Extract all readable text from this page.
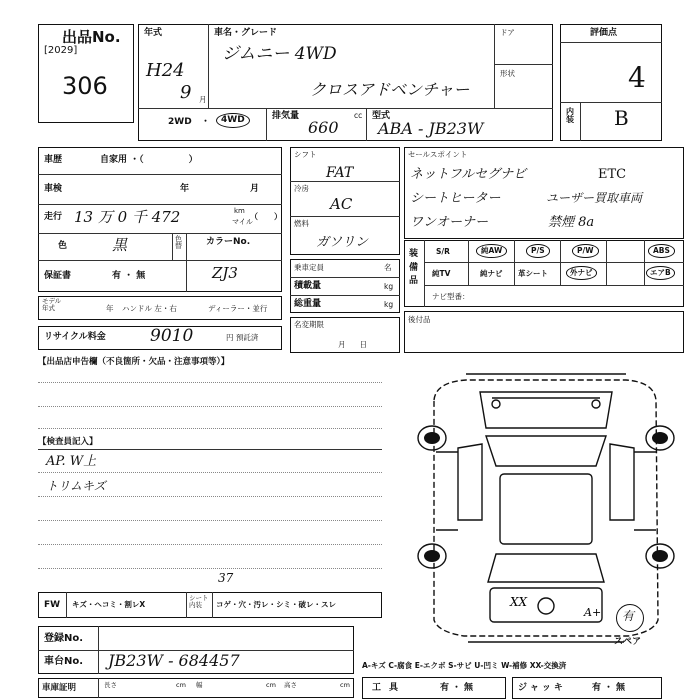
出品No.
[2029]
306
年式
H24
9 月
車名・グレード
ジムニー 4WD
クロスアドベンチャー
ドア
形状
2WD ・	4WD	排気量
660
cc 型式
ABA - JB23W
評価点
4
内装 B
車歴	自家用 ・（　　　　　）
車検	年	月
走行 13 万 0 千 472	km
マイル
（　　）
色	黒	色替	カラーNo.
保証書	有 ・ 無	ZJ3
モデル年式	年 ハンドル 左・右	ディーラー・並行
リサイクル料金	9010	円 預託済
シフト
FAT
冷房
AC
燃料
ガソリン
乗車定員	名
積載量	kg
総重量	kg
名変期限
月日
セールスポイント
ネットフルセグナビ	ETC
シートヒーター	ユーザー買取車両
ワンオーナー	禁煙 8a
装備品
S/R	純AW	P/S	P/W	ABS
純TV	純ナビ 革シート	外ナビ	エアB
ナビ型番：
後付品
【出品店申告欄（不良箇所・欠品・注意事項等）】
【検査員記入】
AP. W上
トリムキズ
37
FW キズ・ヘコミ・割レX
シート内装	コゲ・穴・汚レ・シミ・破レ・スレ
登録No.
車台No. JB23W - 684457
車庫証明	長さ	cm 幅	cm 高さ	cm
A-キズ C-腐食 E-エクボ S-サビ U-凹ミ W-補修 XX-交換済
工具	有・無	ジャッキ	有・無
XX
A+ 有
スペア
